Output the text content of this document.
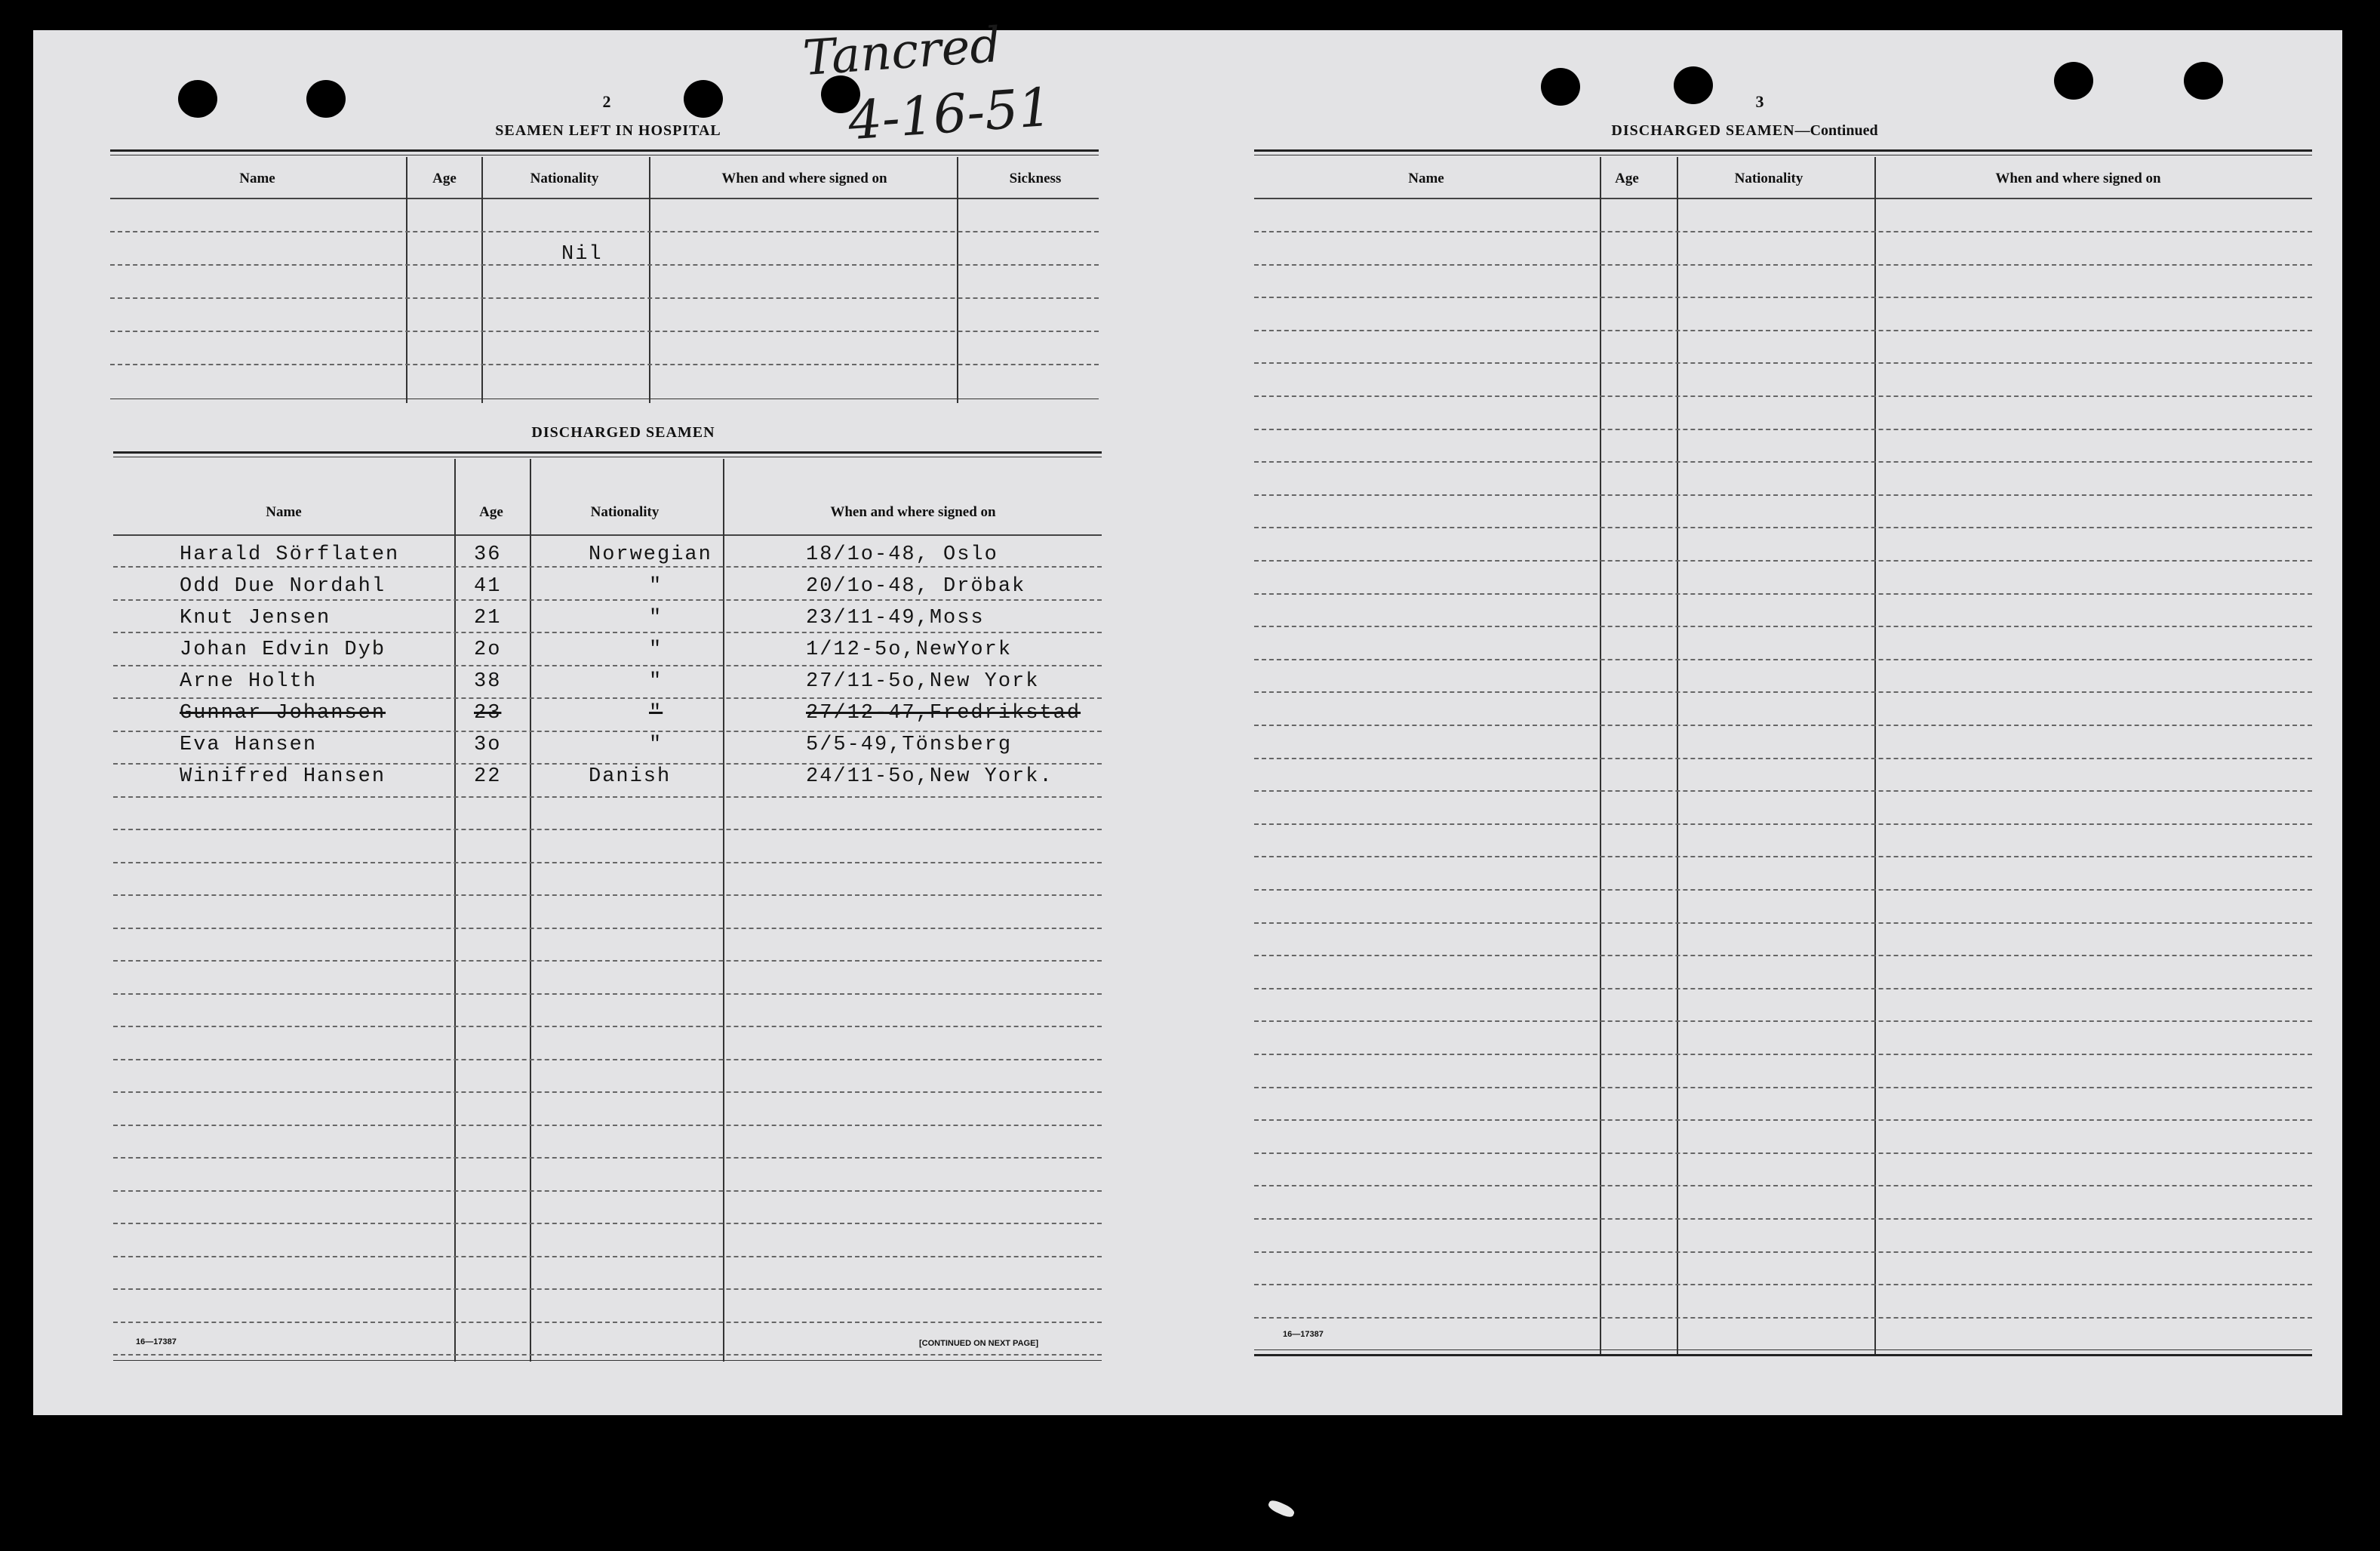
Tancred
4-16-51
2
SEAMEN LEFT IN HOSPITAL
Name	Age	Nationality	When and where signed on	Sickness
Nil
DISCHARGED SEAMEN
Name	Age	Nationality	When and where signed on
Harald Sörflaten	36	Norwegian	18/1o-48, Oslo
Odd Due Nordahl	41	"	20/1o-48, Dröbak
Knut Jensen	21	"	23/11-49,Moss
Johan Edvin Dyb	2o	"	1/12-5o,NewYork
Arne Holth	38	"	27/11-5o,New York
Gunnar Johansen	23	"	27/12-47,Fredrikstad
Eva Hansen	3o	"	5/5-49,Tönsberg
Winifred Hansen	22	Danish	24/11-5o,New York.
16—17387	[CONTINUED ON NEXT PAGE]
3
DISCHARGED SEAMEN—Continued
Name	Age	Nationality	When and where signed on
16—17387
